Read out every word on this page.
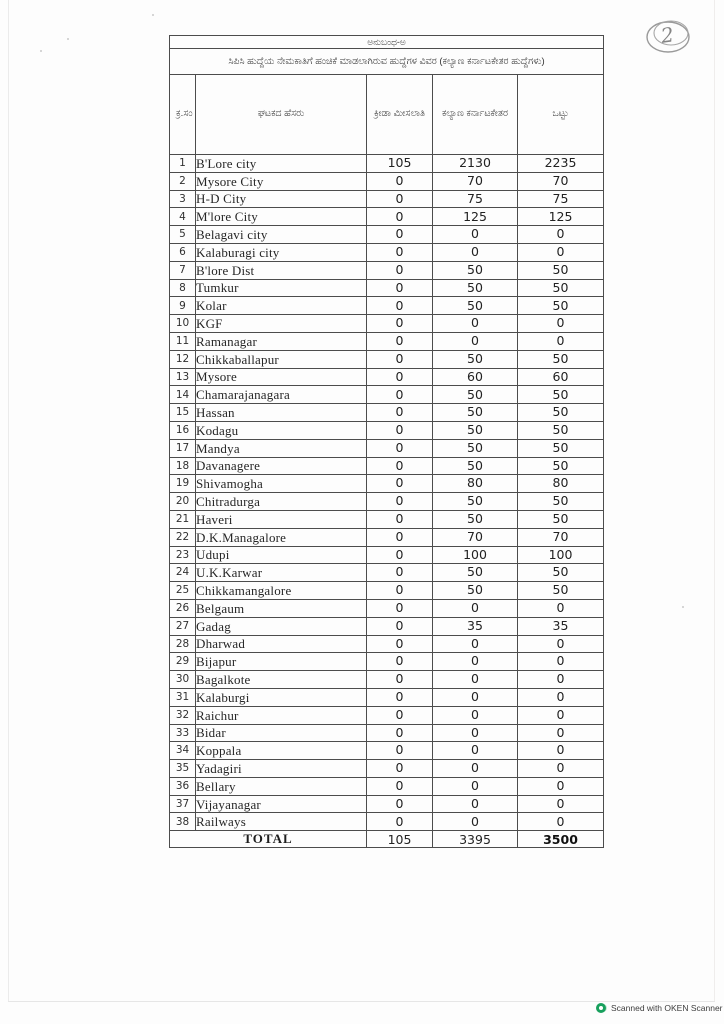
2
ಅನುಬಂಧ-ಅ				
ಸಿಪಿಸಿ ಹುದ್ದೆಯ ನೇಮಕಾತಿಗೆ ಹಂಚಿಕೆ ಮಾಡಲಾಗಿರುವ ಹುದ್ದೆಗಳ ವಿವರ (ಕಲ್ಯಾಣ ಕರ್ನಾಟಕೇತರ ಹುದ್ದೆಗಳು)				
ಕ್ರ.ಸಂ	ಘಟಕದ ಹೆಸರು	ಕ್ರೀಡಾ ಮೀಸಲಾತಿ	ಕಲ್ಯಾಣ ಕರ್ನಾಟಕೇತರ	ಒಟ್ಟು
1	B'Lore city	105	2130	2235
2	Mysore City	0	70	70
3	H-D City	0	75	75
4	M'lore City	0	125	125
5	Belagavi city	0	0	0
6	Kalaburagi city	0	0	0
7	B'lore Dist	0	50	50
8	Tumkur	0	50	50
9	Kolar	0	50	50
10	KGF	0	0	0
11	Ramanagar	0	0	0
12	Chikkaballapur	0	50	50
13	Mysore	0	60	60
14	Chamarajanagara	0	50	50
15	Hassan	0	50	50
16	Kodagu	0	50	50
17	Mandya	0	50	50
18	Davanagere	0	50	50
19	Shivamogha	0	80	80
20	Chitradurga	0	50	50
21	Haveri	0	50	50
22	D.K.Managalore	0	70	70
23	Udupi	0	100	100
24	U.K.Karwar	0	50	50
25	Chikkamangalore	0	50	50
26	Belgaum	0	0	0
27	Gadag	0	35	35
28	Dharwad	0	0	0
29	Bijapur	0	0	0
30	Bagalkote	0	0	0
31	Kalaburgi	0	0	0
32	Raichur	0	0	0
33	Bidar	0	0	0
34	Koppala	0	0	0
35	Yadagiri	0	0	0
36	Bellary	0	0	0
37	Vijayanagar	0	0	0
38	Railways	0	0	0
TOTAL		105	3395	3500
Scanned with OKEN Scanner
